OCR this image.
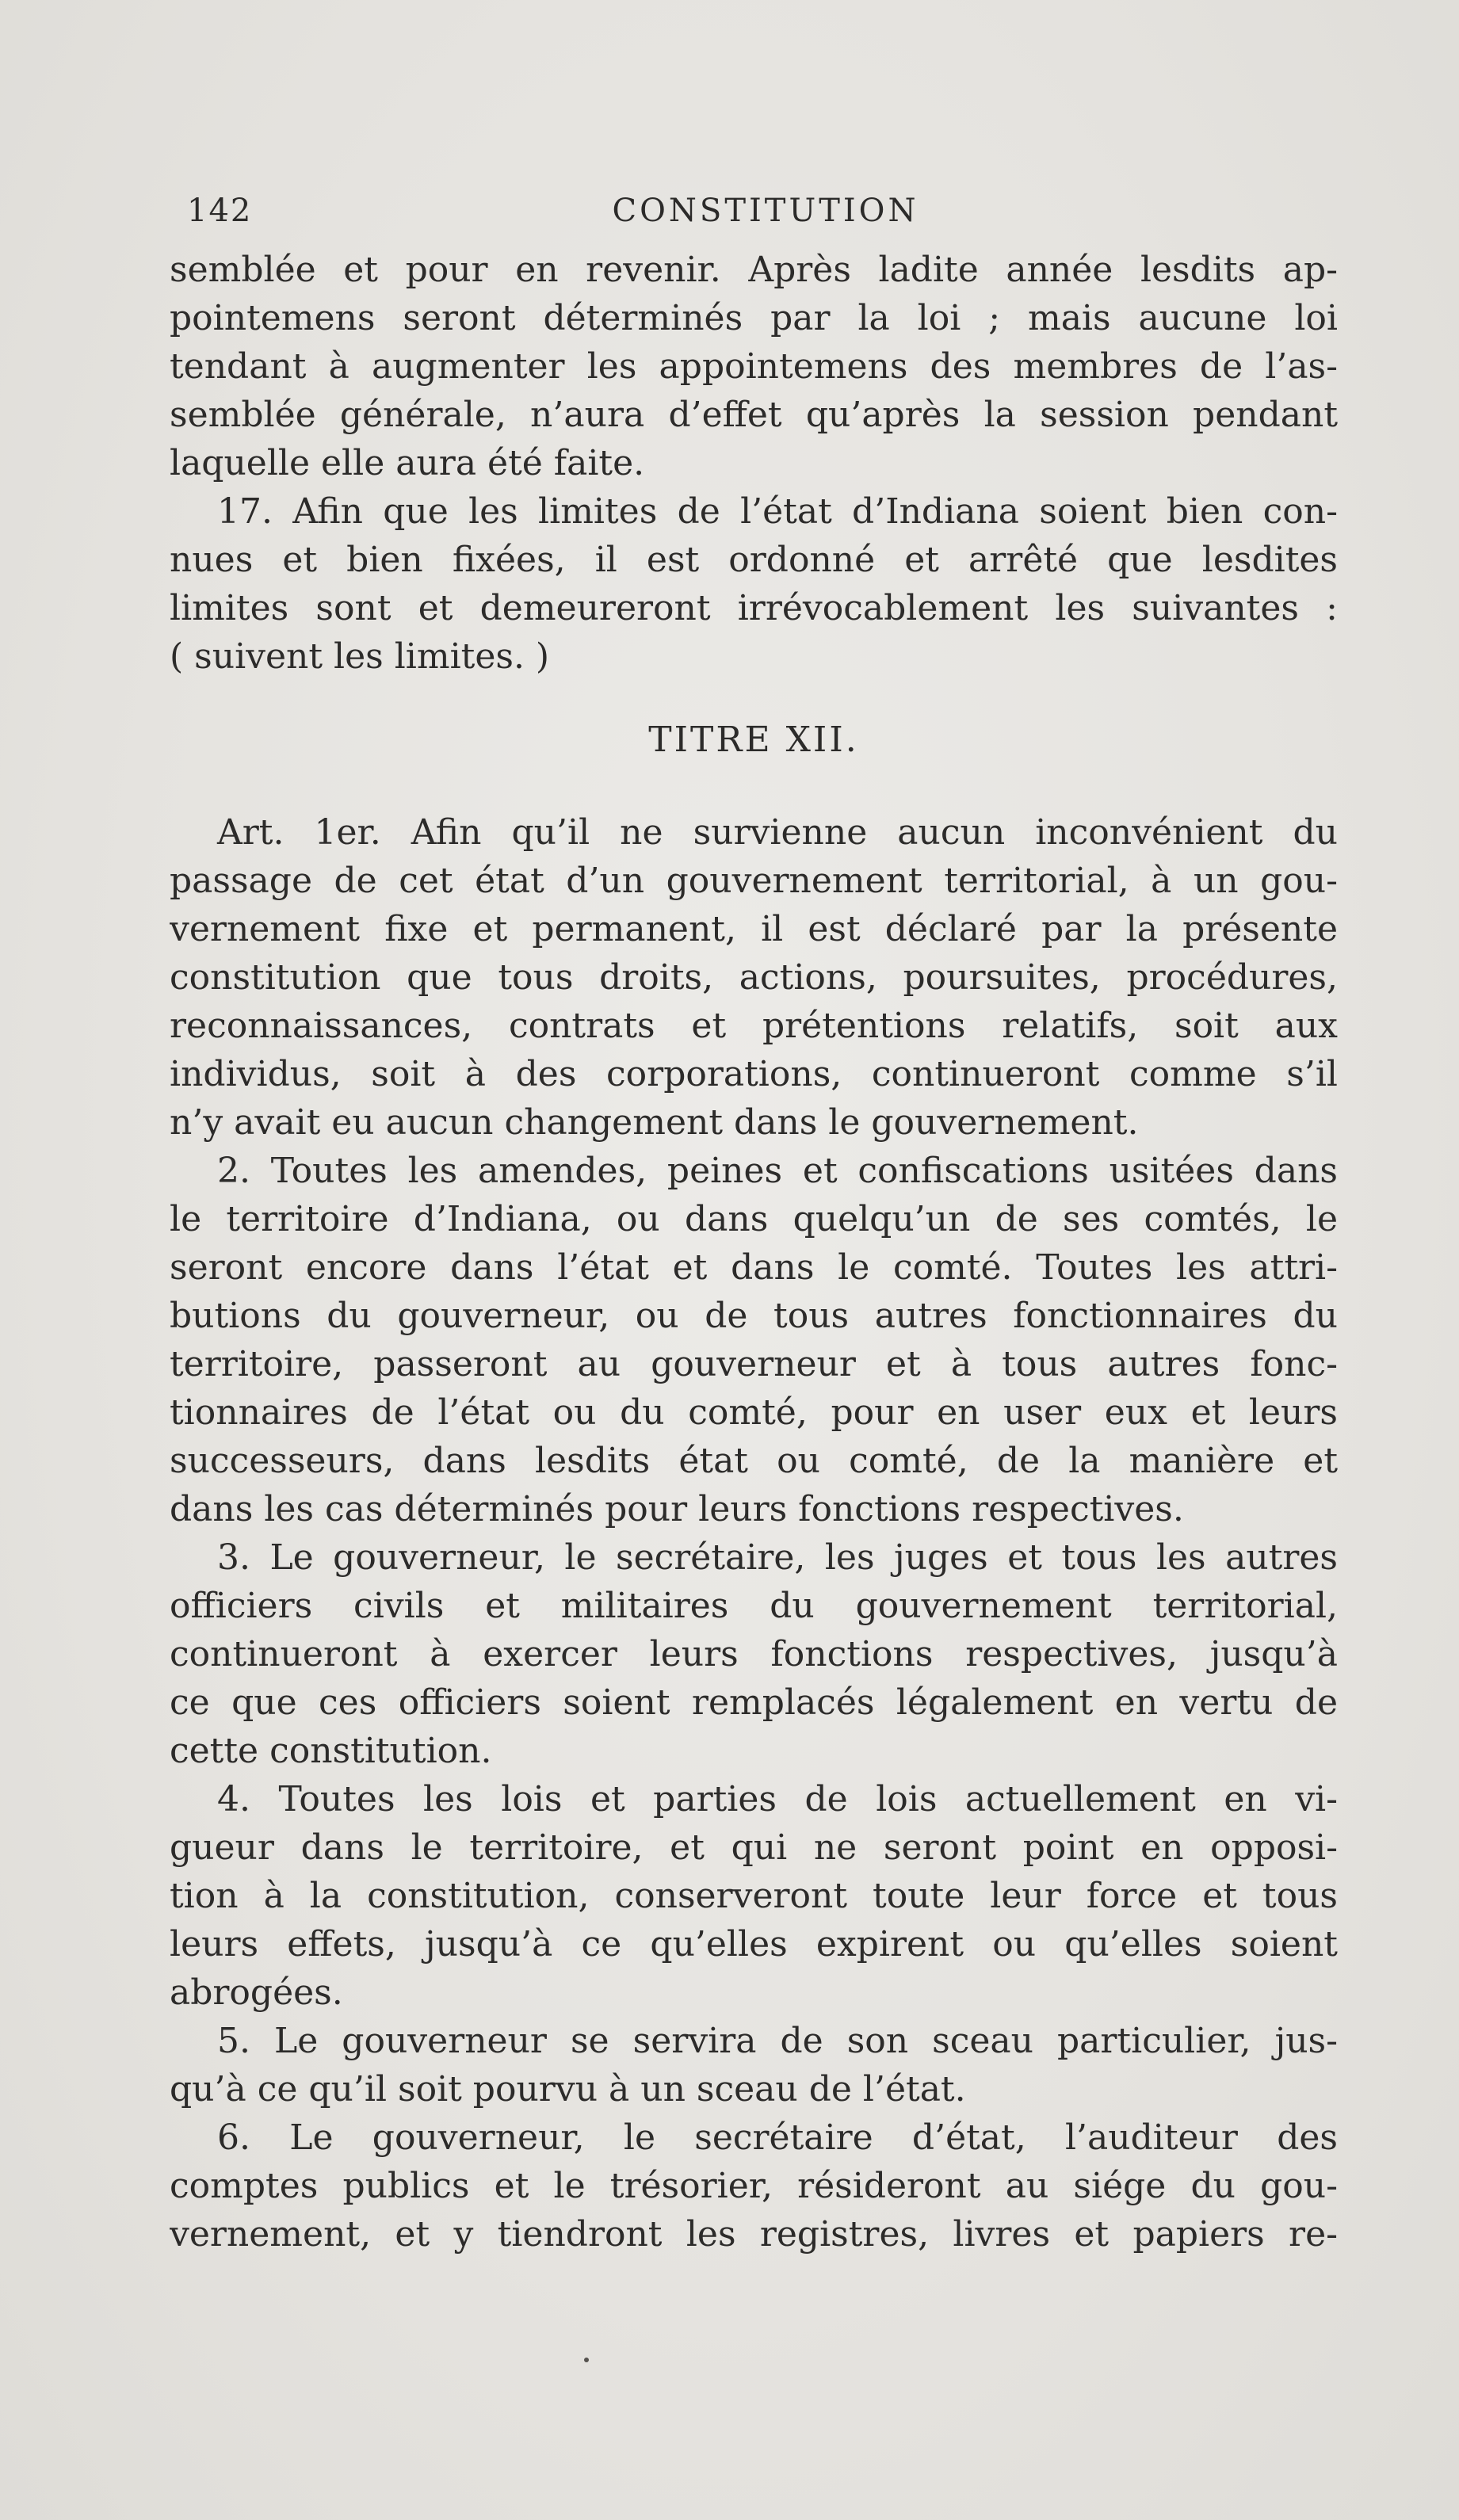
142	CONSTITUTION
semblée et pour en revenir. Après ladite année lesdits ap-
pointemens seront déterminés par la loi ; mais aucune loi
tendant à augmenter les appointemens des membres de l’as-
semblée générale, n’aura d’effet qu’après la session pendant
laquelle elle aura été faite.
17. Afin que les limites de l’état d’Indiana soient bien con-
nues et bien fixées, il est ordonné et arrêté que lesdites
limites sont et demeureront irrévocablement les suivantes :
( suivent les limites. )
TITRE XII.
Art. 1er. Afin qu’il ne survienne aucun inconvénient du
passage de cet état d’un gouvernement territorial, à un gou-
vernement fixe et permanent, il est déclaré par la présente
constitution que tous droits, actions, poursuites, procédures,
reconnaissances, contrats et prétentions relatifs, soit aux
individus, soit à des corporations, continueront comme s’il
n’y avait eu aucun changement dans le gouvernement.
2. Toutes les amendes, peines et confiscations usitées dans
le territoire d’Indiana, ou dans quelqu’un de ses comtés, le
seront encore dans l’état et dans le comté. Toutes les attri-
butions du gouverneur, ou de tous autres fonctionnaires du
territoire, passeront au gouverneur et à tous autres fonc-
tionnaires de l’état ou du comté, pour en user eux et leurs
successeurs, dans lesdits état ou comté, de la manière et
dans les cas déterminés pour leurs fonctions respectives.
3. Le gouverneur, le secrétaire, les juges et tous les autres
officiers civils et militaires du gouvernement territorial,
continueront à exercer leurs fonctions respectives, jusqu’à
ce que ces officiers soient remplacés légalement en vertu de
cette constitution.
4. Toutes les lois et parties de lois actuellement en vi-
gueur dans le territoire, et qui ne seront point en opposi-
tion à la constitution, conserveront toute leur force et tous
leurs effets, jusqu’à ce qu’elles expirent ou qu’elles soient
abrogées.
5. Le gouverneur se servira de son sceau particulier, jus-
qu’à ce qu’il soit pourvu à un sceau de l’état.
6. Le gouverneur, le secrétaire d’état, l’auditeur des
comptes publics et le trésorier, résideront au siége du gou-
vernement, et y tiendront les registres, livres et papiers re-
